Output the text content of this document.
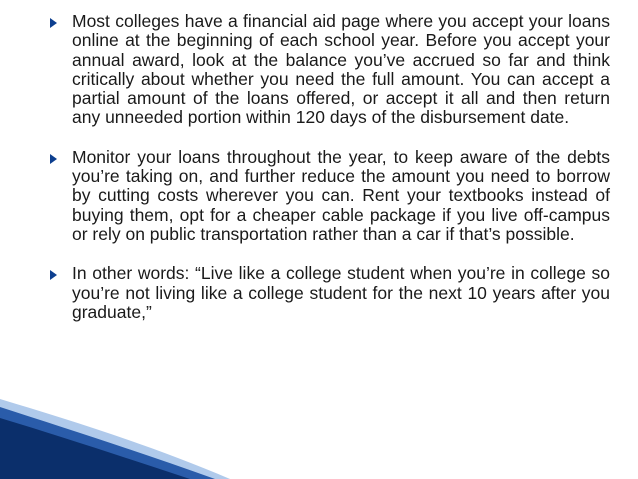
Most colleges have a financial aid page where you accept your loans online at the beginning of each school year. Before you accept your annual award, look at the balance you’ve accrued so far and think critically about whether you need the full amount. You can accept a partial amount of the loans offered, or accept it all and then return any unneeded portion within 120 days of the disbursement date.
Monitor your loans throughout the year, to keep aware of the debts you’re taking on, and further reduce the amount you need to borrow by cutting costs wherever you can. Rent your textbooks instead of buying them, opt for a cheaper cable package if you live off-campus or rely on public transportation rather than a car if that’s possible.
In other words: “Live like a college student when you’re in college so you’re not living like a college student for the next 10 years after you graduate,”
